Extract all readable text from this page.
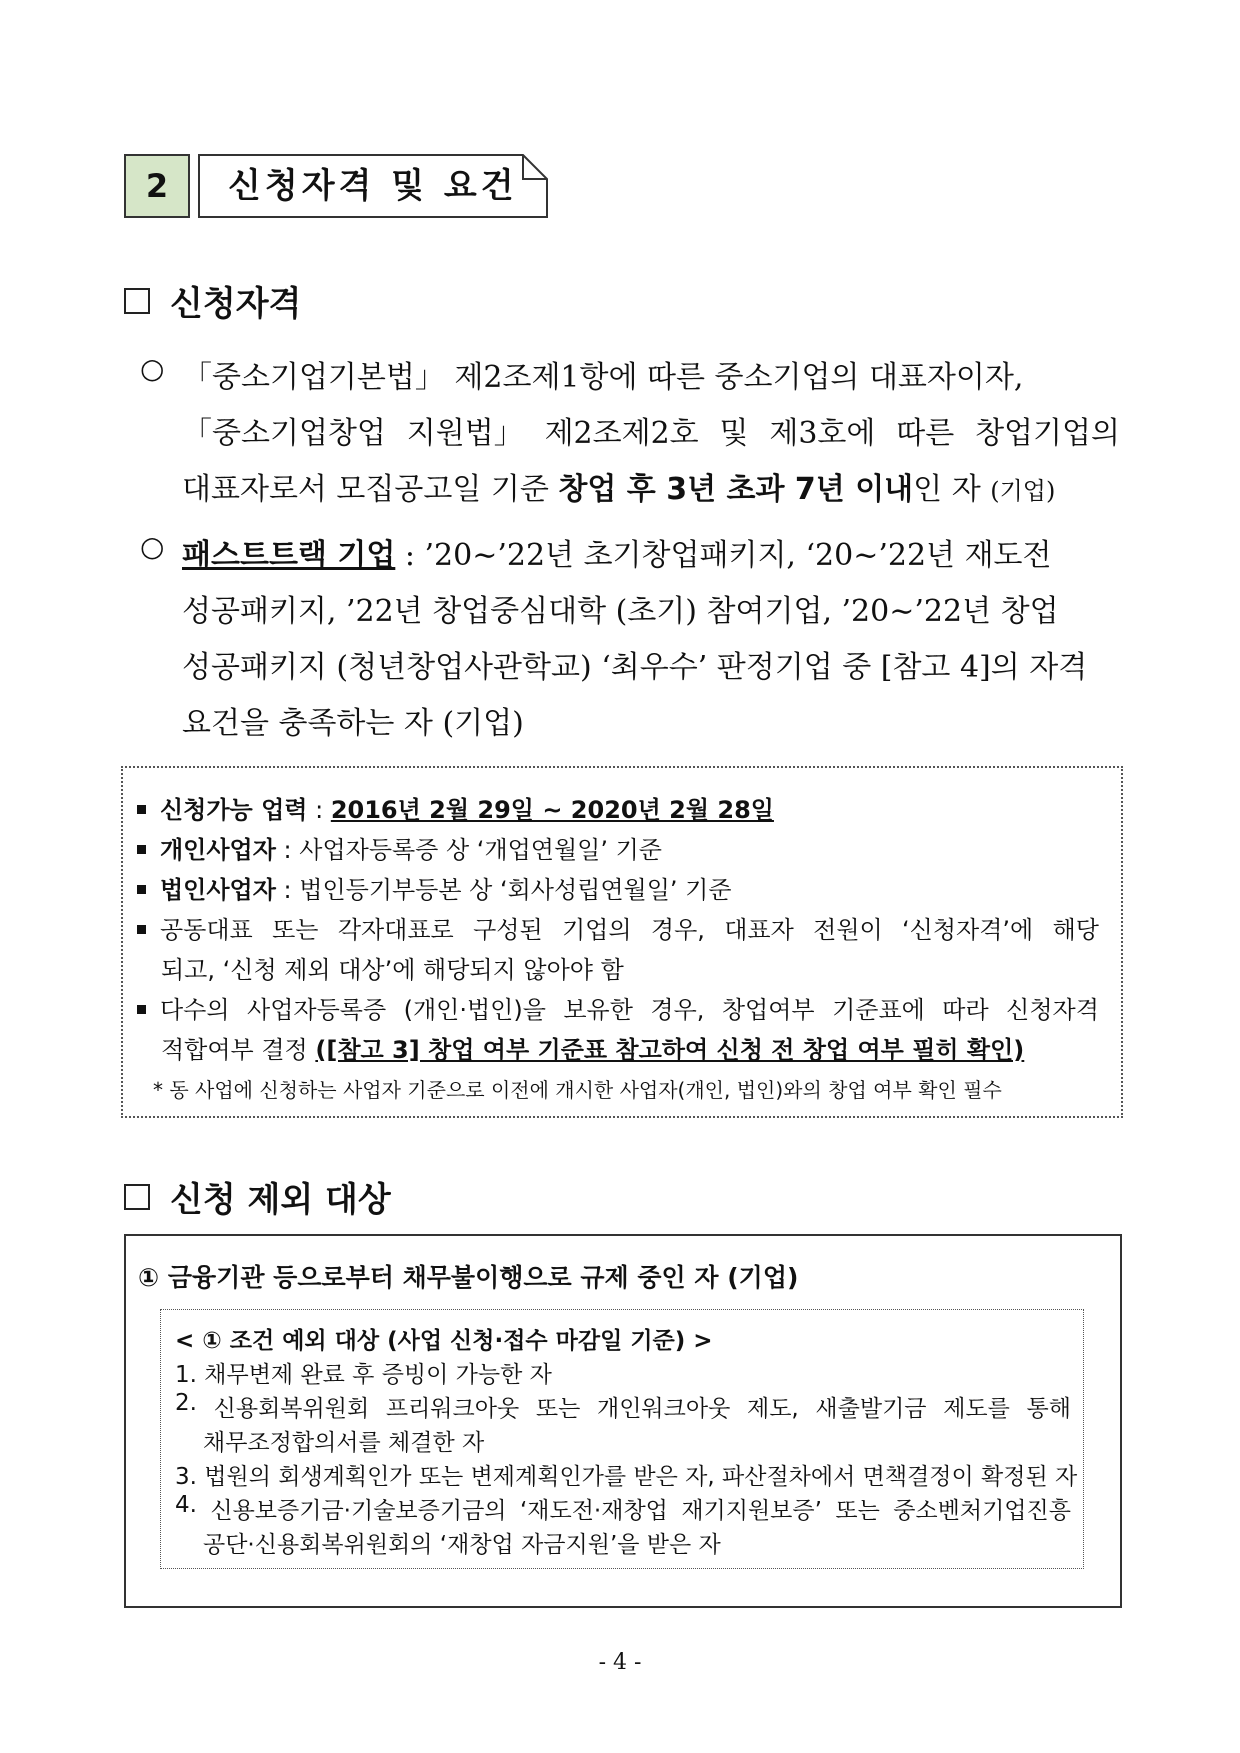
2	신청자격 및 요건
신청자격
○ 「중소기업기본법」 제2조제1항에 따른 중소기업의 대표자이자,
「중소기업창업 지원법」 제2조제2호 및 제3호에 따른 창업기업의
대표자로서 모집공고일 기준 창업 후 3년 초과 7년 이내인 자 (기업)
○ 패스트트랙 기업 : ’20∼’22년 초기창업패키지, ‘20~’22년 재도전
성공패키지, ’22년 창업중심대학 (초기) 참여기업, ’20∼’22년 창업
성공패키지 (청년창업사관학교) ‘최우수’ 판정기업 중 [참고 4]의 자격
요건을 충족하는 자 (기업)
신청가능 업력 : 2016년 2월 29일 ~ 2020년 2월 28일
개인사업자 : 사업자등록증 상 ‘개업연월일’ 기준
법인사업자 : 법인등기부등본 상 ‘회사성립연월일’ 기준
공동대표 또는 각자대표로 구성된 기업의 경우, 대표자 전원이 ‘신청자격’에 해당
되고, ‘신청 제외 대상’에 해당되지 않아야 함
다수의 사업자등록증 (개인·법인)을 보유한 경우, 창업여부 기준표에 따라 신청자격
적합여부 결정 ([참고 3] 창업 여부 기준표 참고하여 신청 전 창업 여부 필히 확인)
* 동 사업에 신청하는 사업자 기준으로 이전에 개시한 사업자(개인, 법인)와의 창업 여부 확인 필수
신청 제외 대상
① 금융기관 등으로부터 채무불이행으로 규제 중인 자 (기업)
< ① 조건 예외 대상 (사업 신청·접수 마감일 기준) >
1. 채무변제 완료 후 증빙이 가능한 자
2. 신용회복위원회 프리워크아웃 또는 개인워크아웃 제도, 새출발기금 제도를 통해
채무조정합의서를 체결한 자
3. 법원의 회생계획인가 또는 변제계획인가를 받은 자, 파산절차에서 면책결정이 확정된 자
4. 신용보증기금·기술보증기금의 ‘재도전·재창업 재기지원보증’ 또는 중소벤처기업진흥
공단·신용회복위원회의 ‘재창업 자금지원’을 받은 자
- 4 -
